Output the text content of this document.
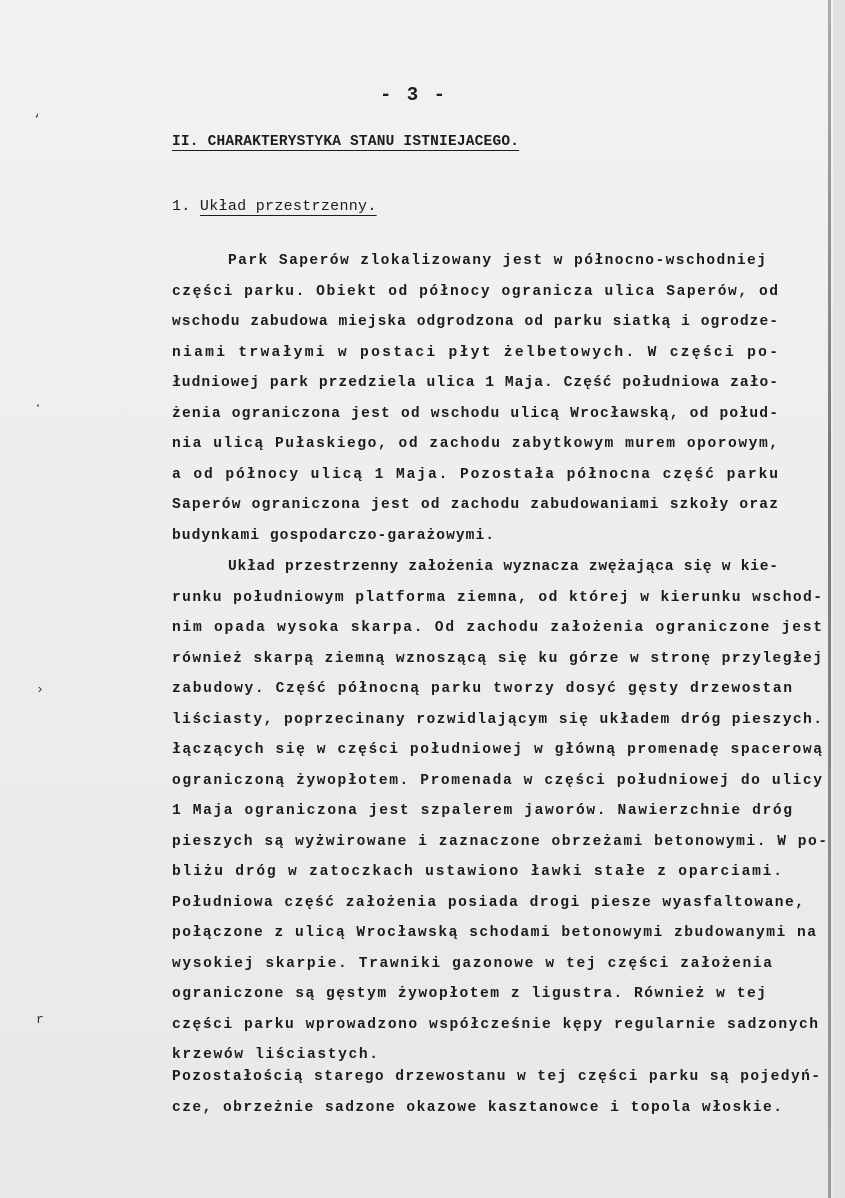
‘
·
›
r
- 3 -
II. CHARAKTERYSTYKA STANU ISTNIEJACEGO.
1. Układ przestrzenny.
Park Saperów zlokalizowany jest w północno-wschodniej
części parku. Obiekt od północy ogranicza ulica Saperów, od
wschodu zabudowa miejska odgrodzona od parku siatką i ogrodze-
niami trwałymi w postaci płyt żelbetowych. W części po-
łudniowej park przedziela ulica 1 Maja. Część południowa zało-
żenia ograniczona jest od wschodu ulicą Wrocławską, od połud-
nia ulicą Pułaskiego, od zachodu zabytkowym murem oporowym,
a od północy ulicą 1 Maja. Pozostała północna część parku
Saperów ograniczona jest od zachodu zabudowaniami szkoły oraz
budynkami gospodarczo-garażowymi.
Układ przestrzenny założenia wyznacza zwężająca się w kie-
runku południowym platforma ziemna, od której w kierunku wschod-
nim opada wysoka skarpa. Od zachodu założenia ograniczone jest
również skarpą ziemną wznoszącą się ku górze w stronę przyległej
zabudowy. Część północną parku tworzy dosyć gęsty drzewostan
liściasty, poprzecinany rozwidlającym się układem dróg pieszych.
łączących się w części południowej w główną promenadę spacerową
ograniczoną żywopłotem. Promenada w części południowej do ulicy
1 Maja ograniczona jest szpalerem jaworów. Nawierzchnie dróg
pieszych są wyżwirowane i zaznaczone obrzeżami betonowymi. W po-
bliżu dróg w zatoczkach ustawiono ławki stałe z oparciami.
Południowa część założenia posiada drogi piesze wyasfaltowane,
połączone z ulicą Wrocławską schodami betonowymi zbudowanymi na
wysokiej skarpie. Trawniki gazonowe w tej części założenia
ograniczone są gęstym żywopłotem z ligustra. Również w tej
części parku wprowadzono współcześnie kępy regularnie sadzonych
krzewów liściastych.
Pozostałością starego drzewostanu w tej części parku są pojedyń-
cze, obrzeżnie sadzone okazowe kasztanowce i topola włoskie.
